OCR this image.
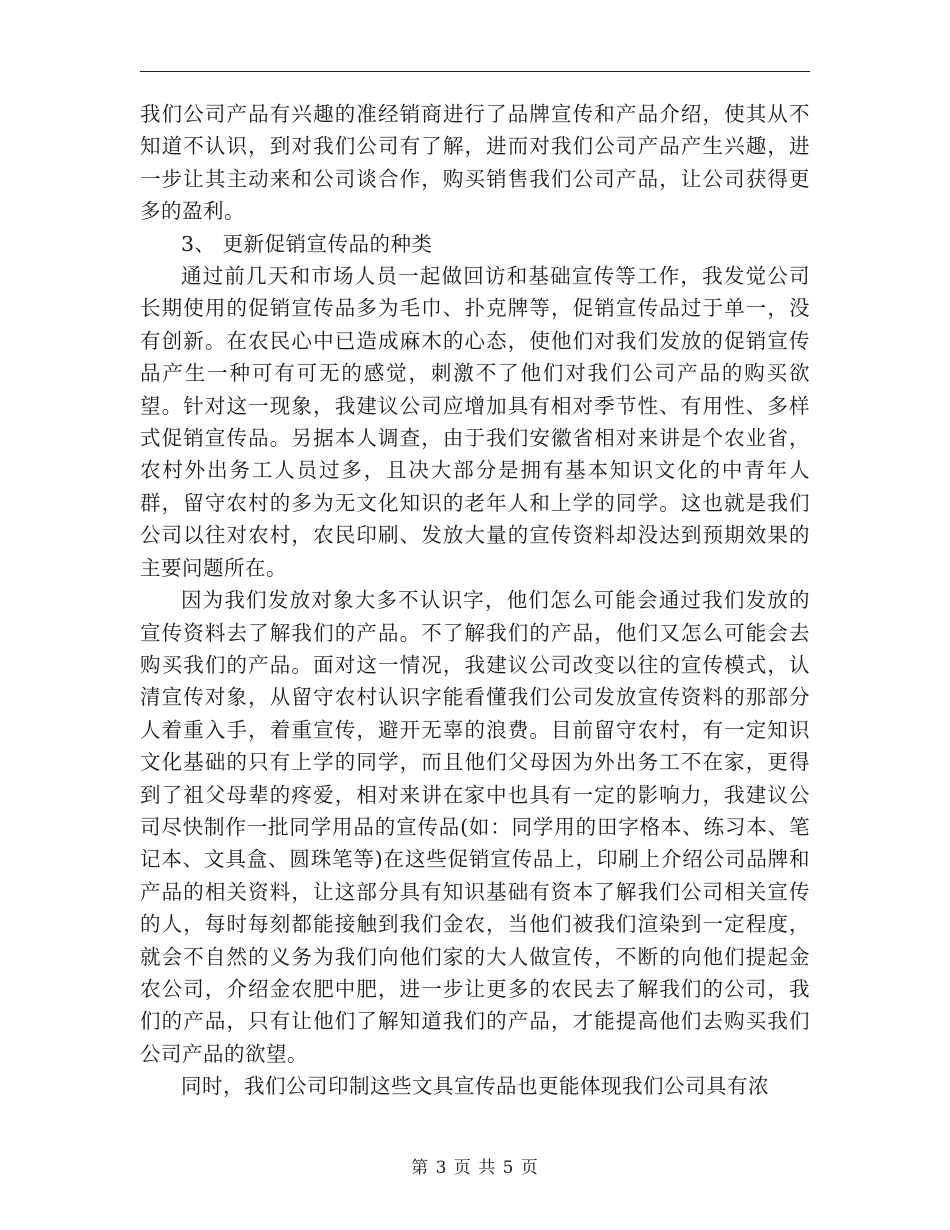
我们公司产品有兴趣的准经销商进行了品牌宣传和产品介绍，使其从不知道不认识，到对我们公司有了解，进而对我们公司产品产生兴趣，进一步让其主动来和公司谈合作，购买销售我们公司产品，让公司获得更多的盈利。

3、 更新促销宣传品的种类

通过前几天和市场人员一起做回访和基础宣传等工作，我发觉公司长期使用的促销宣传品多为毛巾、扑克牌等，促销宣传品过于单一，没有创新。在农民心中已造成麻木的心态，使他们对我们发放的促销宣传品产生一种可有可无的感觉，刺激不了他们对我们公司产品的购买欲望。针对这一现象，我建议公司应增加具有相对季节性、有用性、多样式促销宣传品。另据本人调查，由于我们安徽省相对来讲是个农业省，农村外出务工人员过多，且决大部分是拥有基本知识文化的中青年人群，留守农村的多为无文化知识的老年人和上学的同学。这也就是我们公司以往对农村，农民印刷、发放大量的宣传资料却没达到预期效果的主要问题所在。

因为我们发放对象大多不认识字，他们怎么可能会通过我们发放的宣传资料去了解我们的产品。不了解我们的产品，他们又怎么可能会去购买我们的产品。面对这一情况，我建议公司改变以往的宣传模式，认清宣传对象，从留守农村认识字能看懂我们公司发放宣传资料的那部分人着重入手，着重宣传，避开无辜的浪费。目前留守农村，有一定知识文化基础的只有上学的同学，而且他们父母因为外出务工不在家，更得到了祖父母辈的疼爱，相对来讲在家中也具有一定的影响力，我建议公司尽快制作一批同学用品的宣传品(如：同学用的田字格本、练习本、笔记本、文具盒、圆珠笔等)在这些促销宣传品上，印刷上介绍公司品牌和产品的相关资料，让这部分具有知识基础有资本了解我们公司相关宣传的人，每时每刻都能接触到我们金农，当他们被我们渲染到一定程度，就会不自然的义务为我们向他们家的大人做宣传，不断的向他们提起金农公司，介绍金农肥中肥，进一步让更多的农民去了解我们的公司，我们的产品，只有让他们了解知道我们的产品，才能提高他们去购买我们公司产品的欲望。

同时，我们公司印制这些文具宣传品也更能体现我们公司具有浓

第 3 页 共 5 页
